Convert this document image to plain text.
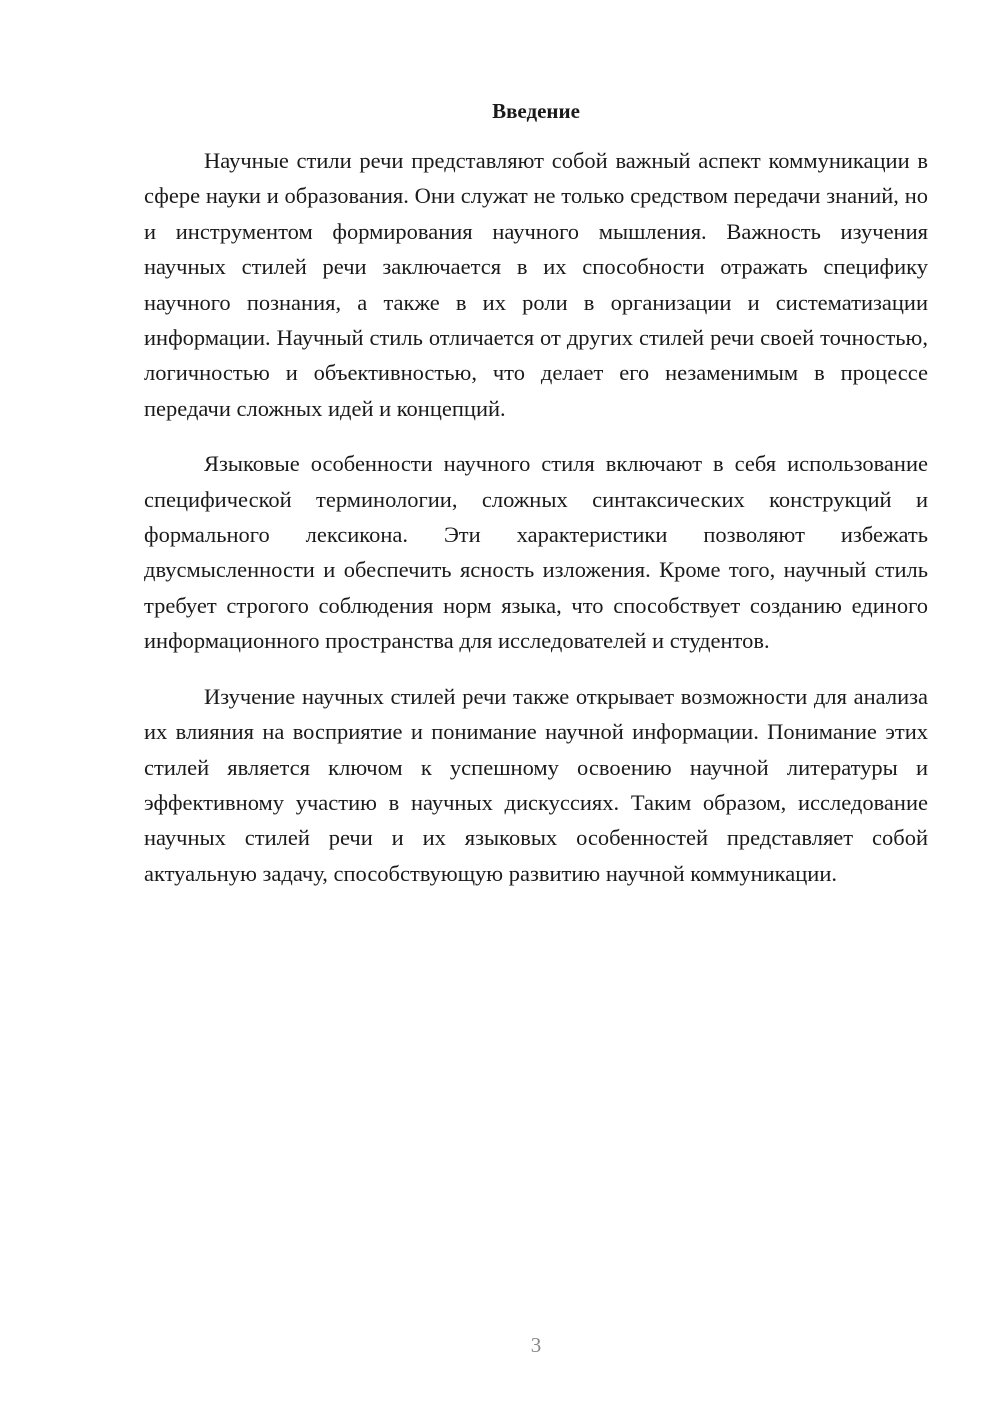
Введение

Научные стили речи представляют собой важный аспект коммуникации в сфере науки и образования. Они служат не только средством передачи знаний, но и инструментом формирования научного мышления. Важность изучения научных стилей речи заключается в их способности отражать специфику научного познания, а также в их роли в организации и систематизации информации. Научный стиль отличается от других стилей речи своей точностью, логичностью и объективностью, что делает его незаменимым в процессе передачи сложных идей и концепций.

Языковые особенности научного стиля включают в себя использование специфической терминологии, сложных синтаксических конструкций и формального лексикона. Эти характеристики позволяют избежать двусмысленности и обеспечить ясность изложения. Кроме того, научный стиль требует строгого соблюдения норм языка, что способствует созданию единого информационного пространства для исследователей и студентов.

Изучение научных стилей речи также открывает возможности для анализа их влияния на восприятие и понимание научной информации. Понимание этих стилей является ключом к успешному освоению научной литературы и эффективному участию в научных дискуссиях. Таким образом, исследование научных стилей речи и их языковых особенностей представляет собой актуальную задачу, способствующую развитию научной коммуникации.

3
